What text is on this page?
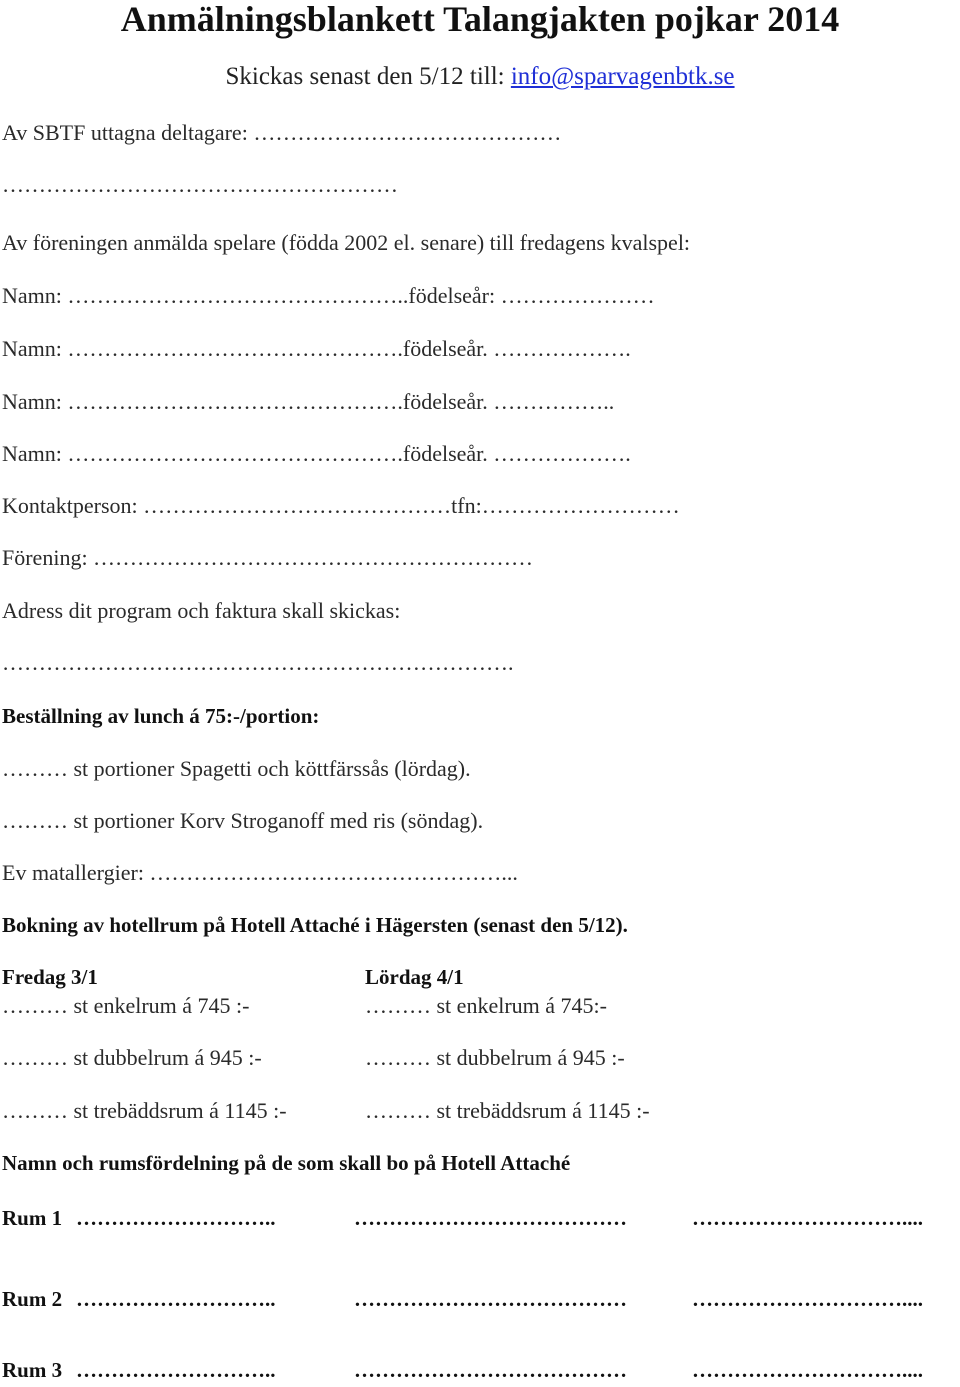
Anmälningsblankett Talangjakten pojkar 2014
Skickas senast den 5/12 till: info@sparvagenbtk.se
Av SBTF uttagna deltagare: ……………………………………
………………………………………………
Av föreningen anmälda spelare (födda 2002 el. senare) till fredagens kvalspel:
Namn: ………………………………………..födelseår: …………………
Namn: ……………………………………….födelseår. ……………….
Namn: ……………………………………….födelseår. ……………..
Namn: ……………………………………….födelseår. ……………….
Kontaktperson: ……………………………………tfn:………………………
Förening: ……………………………………………………
Adress dit program och faktura skall skickas:
…………………………………………………………….
Beställning av lunch á 75:-/portion:
……… st portioner Spagetti och köttfärssås (lördag).
……… st portioner Korv Stroganoff med ris (söndag).
Ev matallergier: …………………………………………...
Bokning av hotellrum på Hotell Attaché i Hägersten (senast den 5/12).
Fredag 3/1	Lördag 4/1
……… st enkelrum á 745 :-	……… st enkelrum á 745:-
……… st dubbelrum á 945 :-	……… st dubbelrum á 945 :-
……… st trebäddsrum á 1145 :-	……… st trebäddsrum á 1145 :-
Namn och rumsfördelning på de som skall bo på Hotell Attaché
Rum 1 ………………………..	…………………………………	…………………………....
Rum 2 ………………………..	…………………………………	…………………………....
Rum 3 ………………………..	…………………………………	…………………………....
